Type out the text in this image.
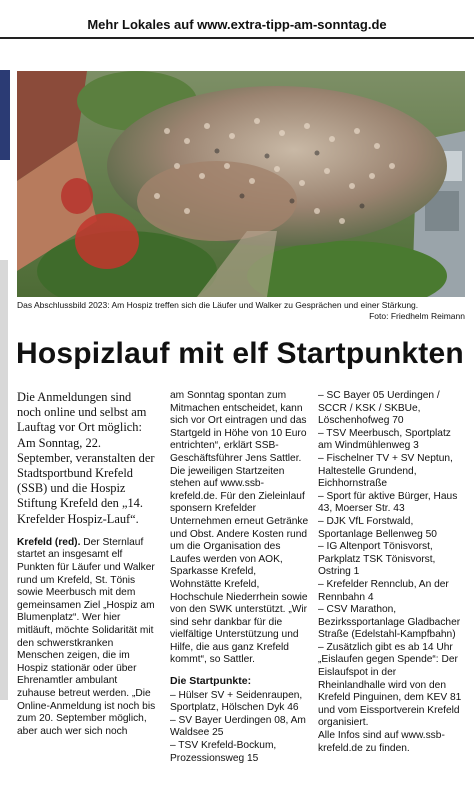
Mehr Lokales auf www.extra-tipp-am-sonntag.de
Das Abschlussbild 2023: Am Hospiz treffen sich die Läufer und Walker zu Gesprächen und einer Stärkung.
Foto: Friedhelm Reimann
Hospizlauf mit elf Startpunkten

Die Anmeldungen sind noch online und selbst am Lauftag vor Ort möglich: Am Sonntag, 22. September, veranstalten der Stadtsportbund Krefeld (SSB) und die Hospiz Stiftung Krefeld den „14. Krefelder Hospiz-Lauf“.

Krefeld (red). Der Sternlauf startet an insgesamt elf Punkten für Läufer und Walker rund um Krefeld, St. Tönis sowie Meerbusch mit dem gemeinsamen Ziel „Hospiz am Blumenplatz“. Wer hier mitläuft, möchte Solidarität mit den schwerstkranken Menschen zeigen, die im Hospiz stationär oder über Ehrenamtler ambulant zuhause betreut werden. „Die Online-Anmeldung ist noch bis zum 20. September möglich, aber auch wer sich noch

am Sonntag spontan zum Mitmachen entscheidet, kann sich vor Ort eintragen und das Startgeld in Höhe von 10 Euro entrichten“, erklärt SSB-Geschäftsführer Jens Sattler. Die jeweiligen Startzeiten stehen auf www.ssb-krefeld.de. Für den Zieleinlauf sponsern Krefelder Unternehmen erneut Getränke und Obst. Andere Kosten rund um die Organisation des Laufes werden von AOK, Sparkasse Krefeld, Wohnstätte Krefeld, Hochschule Niederrhein sowie von den SWK unterstützt. „Wir sind sehr dankbar für die vielfältige Unterstützung und Hilfe, die aus ganz Krefeld kommt“, so Sattler.

Die Startpunkte:

– Hülser SV + Seidenraupen, Sportplatz, Hölschen Dyk 46

– SV Bayer Uerdingen 08, Am Waldsee 25

– TSV Krefeld-Bockum, Prozessionsweg 15

– SC Bayer 05 Uerdingen / SCCR / KSK / SKBUe, Löschenhofweg 70

– TSV Meerbusch, Sportplatz am Windmühlenweg 3

– Fischelner TV + SV Neptun, Haltestelle Grundend, Eichhornstraße

– Sport für aktive Bürger, Haus 43, Moerser Str. 43

– DJK VfL Forstwald, Sportanlage Bellenweg 50

– IG Altenport Tönisvorst, Parkplatz TSK Tönisvorst, Ostring 1

– Krefelder Rennclub, An der Rennbahn 4

– CSV Marathon, Bezirkssportanlage Gladbacher Straße (Edelstahl-Kampfbahn)

– Zusätzlich gibt es ab 14 Uhr „Eislaufen gegen Spende“: Der Eislaufspot in der Rheinlandhalle wird von den Krefeld Pinguinen, dem KEV 81 und vom Eissportverein Krefeld organisiert.

Alle Infos sind auf www.ssb-krefeld.de zu finden.
